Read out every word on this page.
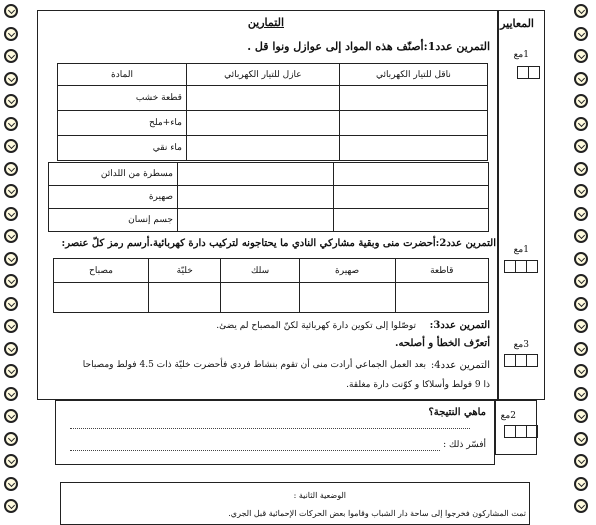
المعايير
1مع
1مع
3مع
2مع
التمارين
التمرين عدد1:أصنّف هذه المواد إلى عوازل ونوا قل .
المادة	عازل للتيار الكهربائي	ناقل للتيار الكهربائي
قطعة خشب		
ماء+ملح		
ماء نقي		
مسطرة من اللدائن		
صهيرة		
جسم إنسان		
التمرين عدد2:أحضرت منى وبقية مشاركي النادي ما يحتاجونه لتركيب دارة كهربائية.أرسم رمز كلّ عنصر:
مصباح	خليّة	سلك	صهيرة	قاطعة

التمرين عدد3:
توصّلوا إلى تكوين دارة كهربائية لكنّ المصباح لم يضئ.
أتعرّف الخطأ و أصلحه.
التمرين عدد4:
بعد العمل الجماعي أرادت منى أن تقوم بنشاط فردي فأحضرت خليّة ذات 4.5 فولط ومصباحا
ذا 9 فولط وأسلاكا و كوّنت دارة مغلقة.
ماهي النتيجة؟
أفسّر ذلك :
الوضعية الثانية :
تمت المشاركون فخرجوا إلى ساحة دار الشباب وقاموا بعض الحركات الإحمائية قبل الجري.
